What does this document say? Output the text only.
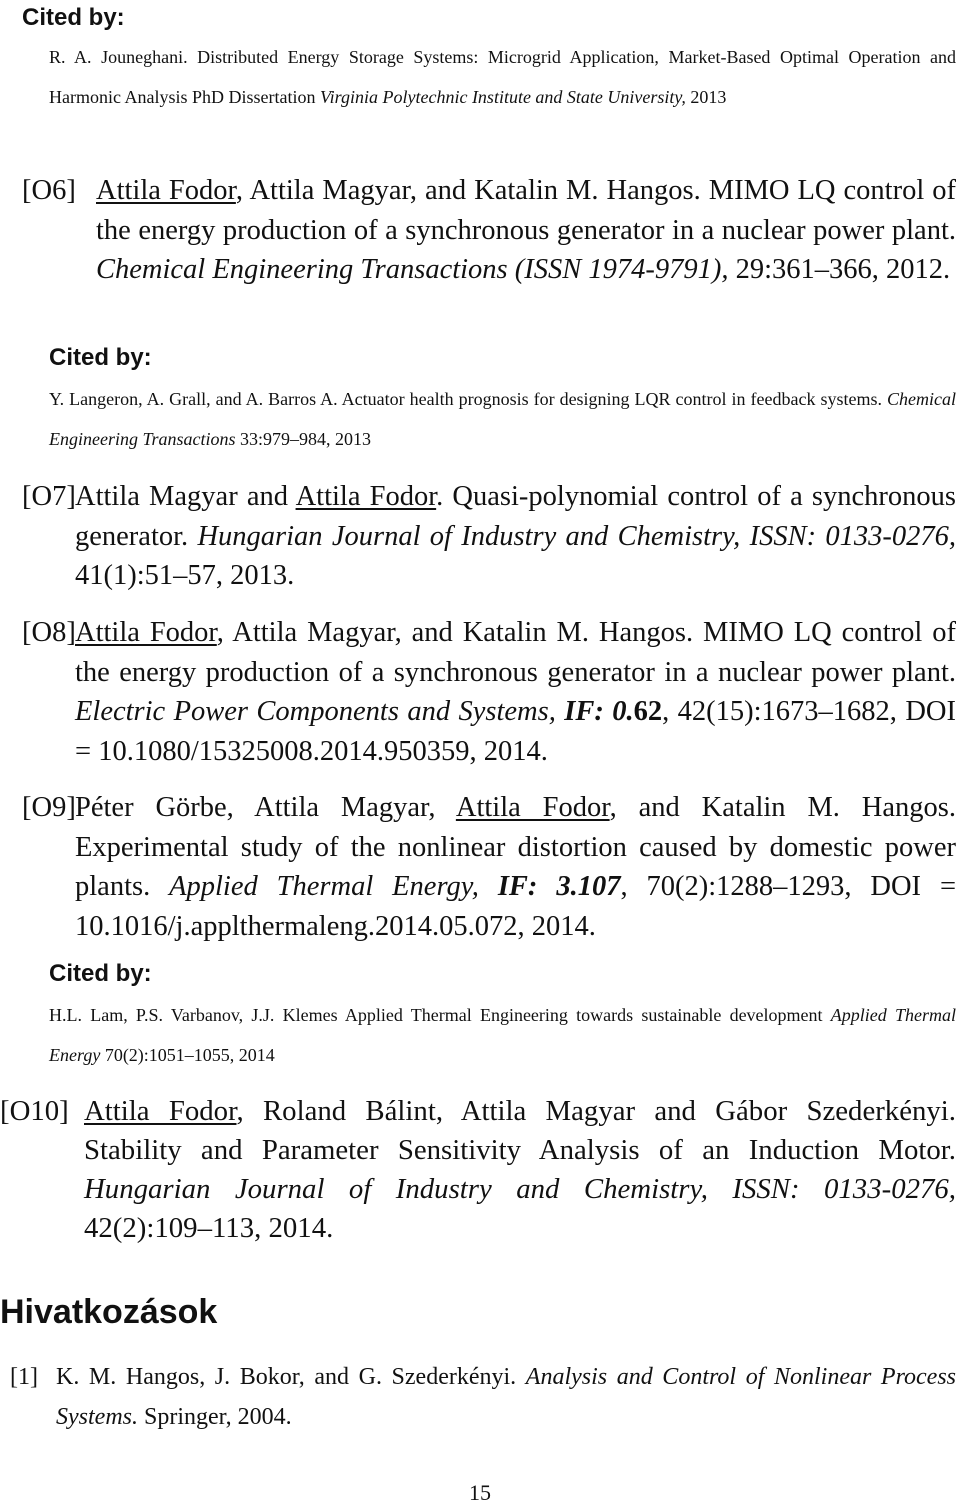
Cited by:
R. A. Jouneghani. Distributed Energy Storage Systems: Microgrid Application, Market-Based Optimal Operation and Harmonic Analysis PhD Dissertation Virginia Polytechnic Institute and State University, 2013
[O6] Attila Fodor, Attila Magyar, and Katalin M. Hangos. MIMO LQ control of the energy production of a synchronous generator in a nuclear power plant. Chemical Engineering Transactions (ISSN 1974-9791), 29:361–366, 2012.
Cited by:
Y. Langeron, A. Grall, and A. Barros A. Actuator health prognosis for designing LQR control in feedback systems. Chemical Engineering Transactions 33:979–984, 2013
[O7] Attila Magyar and Attila Fodor. Quasi-polynomial control of a synchronous generator. Hungarian Journal of Industry and Chemistry, ISSN: 0133-0276, 41(1):51–57, 2013.
[O8] Attila Fodor, Attila Magyar, and Katalin M. Hangos. MIMO LQ control of the energy production of a synchronous generator in a nuclear power plant. Electric Power Components and Systems, IF: 0.62, 42(15):1673–1682, DOI = 10.1080/15325008.2014.950359, 2014.
[O9] Péter Görbe, Attila Magyar, Attila Fodor, and Katalin M. Hangos. Experimental study of the nonlinear distortion caused by domestic power plants. Applied Thermal Energy, IF: 3.107, 70(2):1288–1293, DOI = 10.1016/j.applthermaleng.2014.05.072, 2014.
Cited by:
H.L. Lam, P.S. Varbanov, J.J. Klemes Applied Thermal Engineering towards sustainable development Applied Thermal Energy 70(2):1051–1055, 2014
[O10] Attila Fodor, Roland Bálint, Attila Magyar and Gábor Szederkényi. Stability and Parameter Sensitivity Analysis of an Induction Motor. Hungarian Journal of Industry and Chemistry, ISSN: 0133-0276, 42(2):109–113, 2014.
Hivatkozások
[1] K. M. Hangos, J. Bokor, and G. Szederkényi. Analysis and Control of Nonlinear Process Systems. Springer, 2004.
15
